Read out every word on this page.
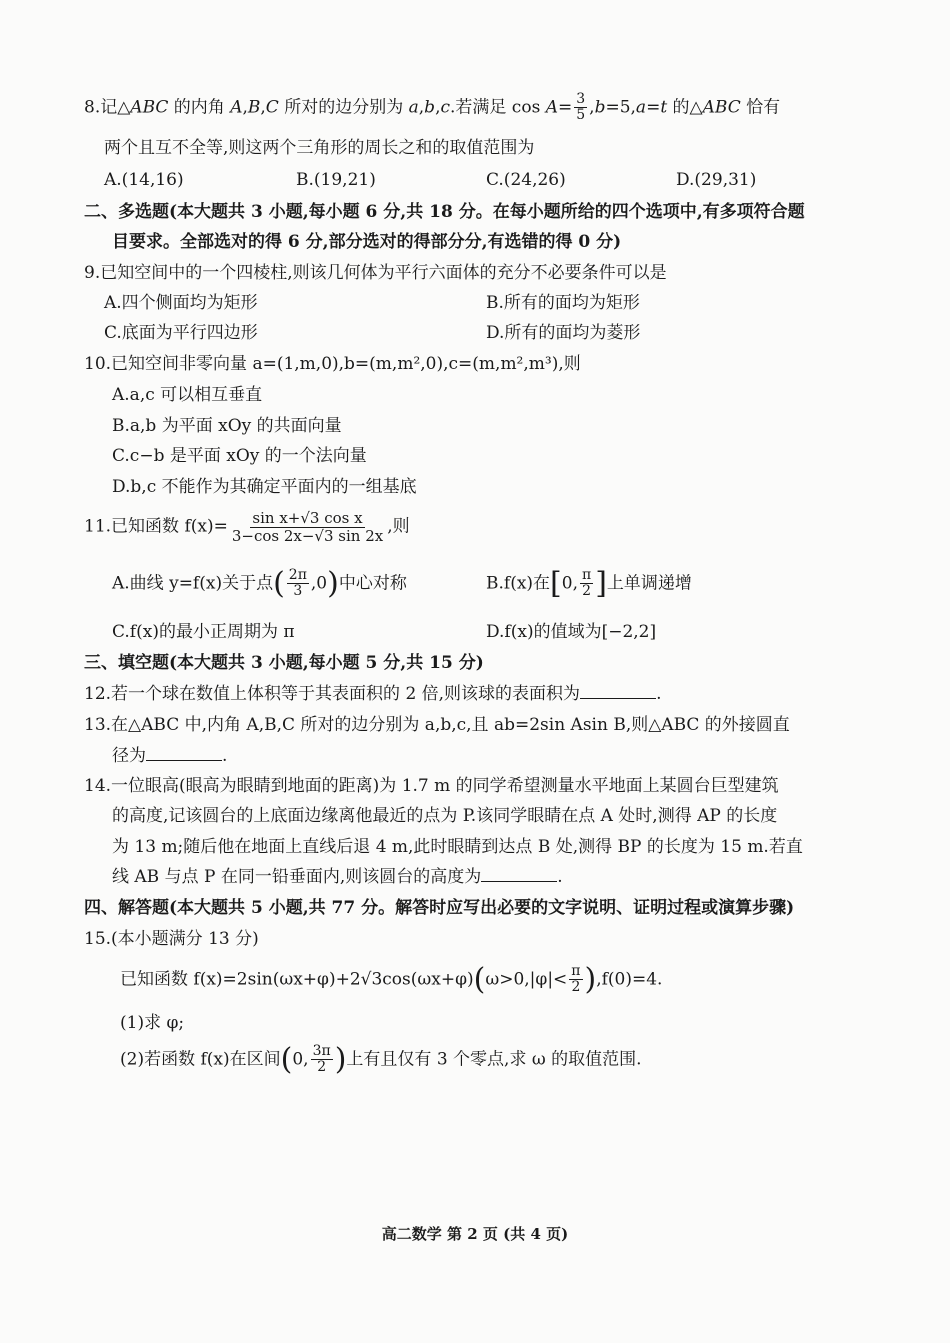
8.记△ABC 的内角 A,B,C 所对的边分别为 a,b,c.若满足 $\cos A= \frac{3}{5} ,b=5,a=t$ 的△ABC 恰有
两个且互不全等,则这两个三角形的周长之和的取值范围为
A.(14,16)	B.(19,21)	C.(24,26)	D.(29,31)
二、多选题(本大题共 3 小题,每小题 6 分,共 18 分。在每小题所给的四个选项中,有多项符合题
目要求。全部选对的得 6 分,部分选对的得部分分,有选错的得 0 分)
9.已知空间中的一个四棱柱,则该几何体为平行六面体的充分不必要条件可以是
A.四个侧面均为矩形	B.所有的面均为矩形
C.底面为平行四边形	D.所有的面均为菱形
10.已知空间非零向量 a=(1,m,0),b=(m,m²,0),c=(m,m²,m³),则
A.a,c 可以相互垂直
B.a,b 为平面 xOy 的共面向量
C.c−b 是平面 xOy 的一个法向量
D.b,c 不能作为其确定平面内的一组基底
11.已知函数 $f(x)= \frac{\text{sin x+√3 cos x}}{3-\cos 2x-√3 \sin 2x}$ ,则
A.曲线 y=f(x)关于点( $\frac{2\pi}{3} ,0$)中心对称	B.f(x)在[0, $\frac{\pi}{2}$ ]上单调递增
C.f(x)的最小正周期为 π	D.f(x)的值域为[−2,2]
三、填空题(本大题共 3 小题,每小题 5 分,共 15 分)
12.若一个球在数值上体积等于其表面积的 2 倍,则该球的表面积为	.
13.在△ABC 中,内角 A,B,C 所对的边分别为 a,b,c,且 ab=2sin Asin B,则△ABC 的外接圆直
径为	.
14.一位眼高(眼高为眼睛到地面的距离)为 1.7 m 的同学希望测量水平地面上某圆台巨型建筑
的高度,记该圆台的上底面边缘离他最近的点为 P.该同学眼睛在点 A 处时,测得 AP 的长度
为 13 m;随后他在地面上直线后退 4 m,此时眼睛到达点 B 处,测得 BP 的长度为 15 m.若直
线 AB 与点 P 在同一铅垂面内,则该圆台的高度为	.
四、解答题(本大题共 5 小题,共 77 分。解答时应写出必要的文字说明、证明过程或演算步骤)
15.(本小题满分 13 分)
已知函数 $f(x)=2\sin(\omega x+\varphi)+2√3\cos(\omega x+\varphi)(\omega>0,|\varphi|< \frac{\pi}{2} ),f(0)=4$.
(1)求 φ;
(2)若函数 f(x)在区间(0, $\frac{3\pi}{2}$ )上有且仅有 3 个零点,求 ω 的取值范围.
高二数学 第 2 页 (共 4 页)
